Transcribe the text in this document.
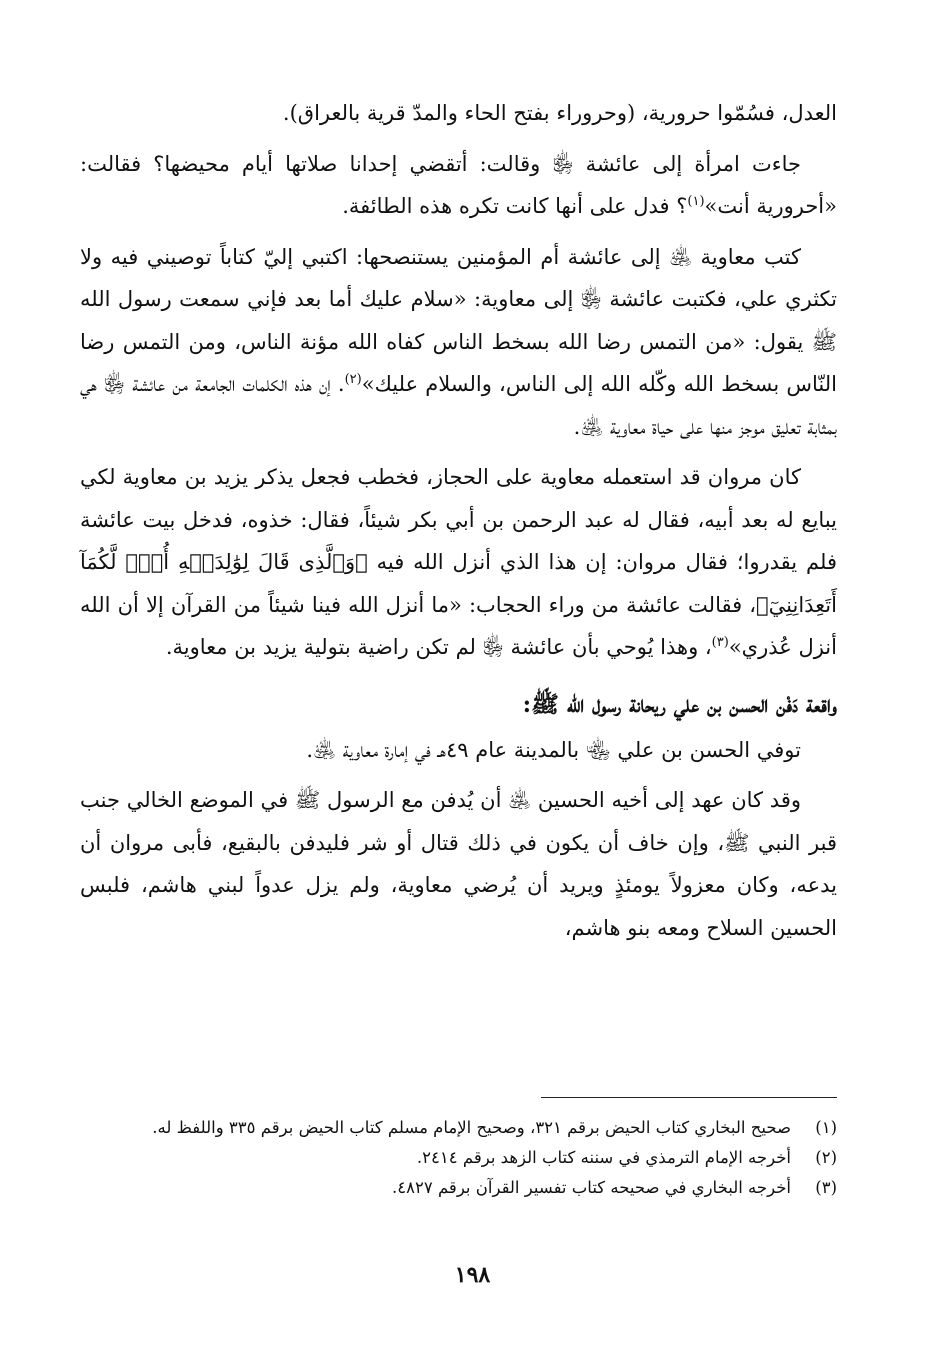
العدل، فسُمّوا حرورية، (وحروراء بفتح الحاء والمدّ قرية بالعراق).

جاءت امرأة إلى عائشة ﵂ وقالت: أتقضي إحدانا صلاتها أيام محيضها؟ فقالت: «أحرورية أنت»$^{(١)}$؟ فدل على أنها كانت تكره هذه الطائفة.

كتب معاوية ﵁ إلى عائشة أم المؤمنين يستنصحها: اكتبي إليّ كتاباً توصيني فيه ولا تكثري علي، فكتبت عائشة ﵂ إلى معاوية: «سلام عليك أما بعد فإني سمعت رسول الله ﷺ يقول: «من التمس رضا الله بسخط الناس كفاه الله مؤنة الناس، ومن التمس رضا النّاس بسخط الله وكّله الله إلى الناس، والسلام عليك»$^{(٢)}$. إن هذه الكلمات الجامعة من عائشة ﵂ هي بمثابة تعليق موجز منها على حياة معاوية ﵁.

كان مروان قد استعمله معاوية على الحجاز، فخطب فجعل يذكر يزيد بن معاوية لكي يبايع له بعد أبيه، فقال له عبد الرحمن بن أبي بكر شيئاً، فقال: خذوه، فدخل بيت عائشة فلم يقدروا؛ فقال مروان: إن هذا الذي أنزل الله فيه ﴿وَٱلَّذِى قَالَ لِوَٰلِدَيۡهِ أُفّٖ لَّكُمَآ أَتَعِدَانِنِيٓ﴾، فقالت عائشة من وراء الحجاب: «ما أنزل الله فينا شيئاً من القرآن إلا أن الله أنزل عُذري»$^{(٣)}$، وهذا يُوحي بأن عائشة ﵂ لم تكن راضية بتولية يزيد بن معاوية.

واقعة دَفْن الحسن بن علي ريحانة رسول الله ﷺ:

توفي الحسن بن علي ﵄ بالمدينة عام ٤٩هـ في إمارة معاوية ﵁.

وقد كان عهد إلى أخيه الحسين ﵁ أن يُدفن مع الرسول ﷺ في الموضع الخالي جنب قبر النبي ﷺ، وإن خاف أن يكون في ذلك قتال أو شر فليدفن بالبقيع، فأبى مروان أن يدعه، وكان معزولاً يومئذٍ ويريد أن يُرضي معاوية، ولم يزل عدواً لبني هاشم، فلبس الحسين السلاح ومعه بنو هاشم،

(١)
صحيح البخاري كتاب الحيض برقم ٣٢١، وصحيح الإمام مسلم كتاب الحيض برقم ٣٣٥ واللفظ له.
(٢)
أخرجه الإمام الترمذي في سننه كتاب الزهد برقم ٢٤١٤.
(٣)
أخرجه البخاري في صحيحه كتاب تفسير القرآن برقم ٤٨٢٧.
١٩٨
